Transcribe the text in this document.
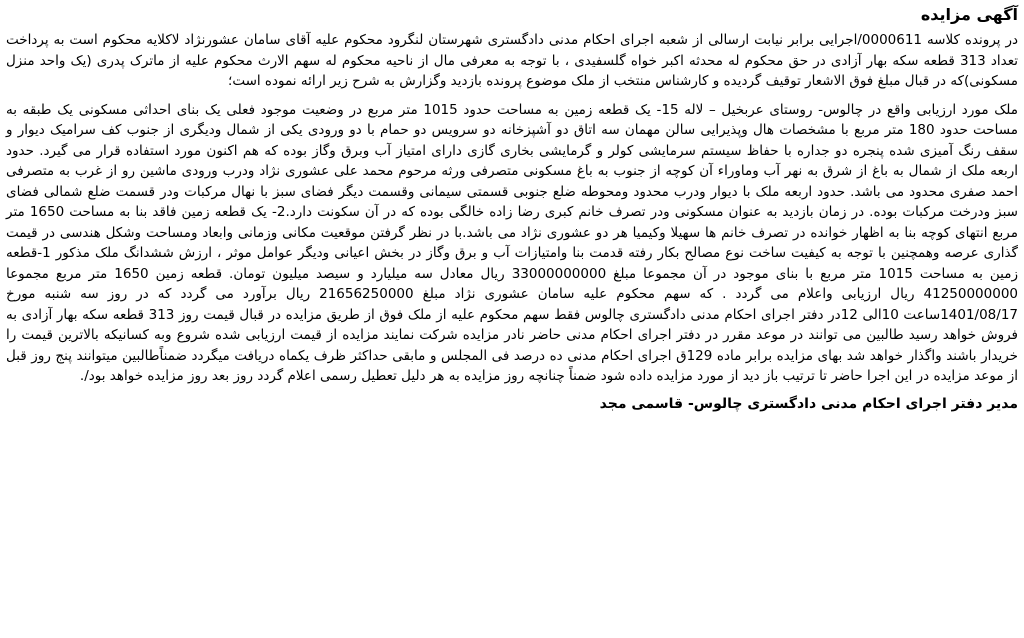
آگهی مزایده

در پرونده کلاسه 0000611/اجرایی برابر نیابت ارسالی از شعبه اجرای احکام مدنی دادگستری شهرستان لنگرود محکوم علیه آقای سامان عشورنژاد لاکلایه محکوم است به پرداخت تعداد 313 قطعه سکه بهار آزادی در حق محکوم له محدثه اکبر خواه گلسفیدی ، با توجه به معرفی مال از ناحیه محکوم له سهم الارث محکوم علیه از ماترک پدری (یک واحد منزل مسکونی)که در قبال مبلغ فوق الاشعار توقیف گردیده و کارشناس منتخب از ملک موضوع پرونده بازدید وگزارش به شرح زیر ارائه نموده است؛

ملک مورد ارزیابی واقع در چالوس- روستای عربخیل – لاله 15- یک قطعه زمین به مساحت حدود 1015 متر مربع در وضعیت موجود فعلی یک بنای احداثی مسکونی یک طبقه به مساحت حدود 180 متر مربع با مشخصات هال وپذیرایی سالن مهمان سه اتاق دو آشپزخانه دو سرویس دو حمام با دو ورودی یکی از شمال ودیگری از جنوب کف سرامیک دیوار و سقف رنگ آمیزی شده پنجره دو جداره با حفاظ سیستم سرمایشی کولر و گرمایشی بخاری گازی دارای امتیاز آب وبرق وگاز بوده که هم اکنون مورد استفاده قرار می گیرد. حدود اربعه ملک از شمال به باغ از شرق به نهر آب وماوراء آن کوچه از جنوب به باغ مسکونی متصرفی ورثه مرحوم محمد علی عشوری نژاد ودرب ورودی ماشین رو از غرب به متصرفی احمد صفری محدود می باشد. حدود اربعه ملک با دیوار ودرب محدود ومحوطه ضلع جنوبی قسمتی سیمانی وقسمت دیگر فضای سبز با نهال مرکبات ودر قسمت ضلع شمالی فضای سبز ودرخت مرکبات بوده. در زمان بازدید به عنوان مسکونی ودر تصرف خانم کبری رضا زاده خالگی بوده که در آن سکونت دارد.2- یک قطعه زمین فاقد بنا به مساحت 1650 متر مربع انتهای کوچه بنا به اظهار خوانده در تصرف خانم ها سهیلا وکیمیا هر دو عشوری نژاد می باشد.با در نظر گرفتن موقعیت مکانی وزمانی وابعاد ومساحت وشکل هندسی در قیمت گذاری عرصه وهمچنین با توجه به کیفیت ساخت نوع مصالح بکار رفته قدمت بنا وامتیازات آب و برق وگاز در بخش اعیانی ودیگر عوامل موثر ، ارزش ششدانگ ملک مذکور 1-قطعه زمین به مساحت 1015 متر مربع با بنای موجود در آن مجموعا مبلغ 33000000000 ریال معادل سه میلیارد و سیصد میلیون تومان. قطعه زمین 1650 متر مربع مجموعا 41250000000 ریال ارزیابی واعلام می گردد . که سهم محکوم علیه سامان عشوری نژاد مبلغ 21656250000 ریال برآورد می گردد که در روز سه شنبه مورخ 1401/08/17ساعت 10الی 12در دفتر اجرای احکام مدنی دادگستری چالوس فقط سهم محکوم علیه از ملک فوق از طریق مزایده در قبال قیمت روز 313 قطعه سکه بهار آزادی به فروش خواهد رسید طالبین می توانند در موعد مقرر در دفتر اجرای احکام مدنی حاضر نادر مزایده شرکت نمایند مزایده از قیمت ارزیابی شده شروع وبه کسانیکه بالاترین قیمت را خریدار باشند واگذار خواهد شد بهای مزایده برابر ماده 129ق اجرای احکام مدنی ده درصد فی المجلس و مابقی حداکثر ظرف یکماه دریافت میگردد ضمناًطالبین میتوانند پنج روز قبل از موعد مزایده در این اجرا حاضر تا ترتیب باز دید از مورد مزایده داده شود ضمناً چنانچه روز مزایده به هر دلیل تعطیل رسمی اعلام گردد روز بعد روز مزایده خواهد بود/.

مدیر دفتر اجرای احکام مدنی دادگستری چالوس- قاسمی مجد
